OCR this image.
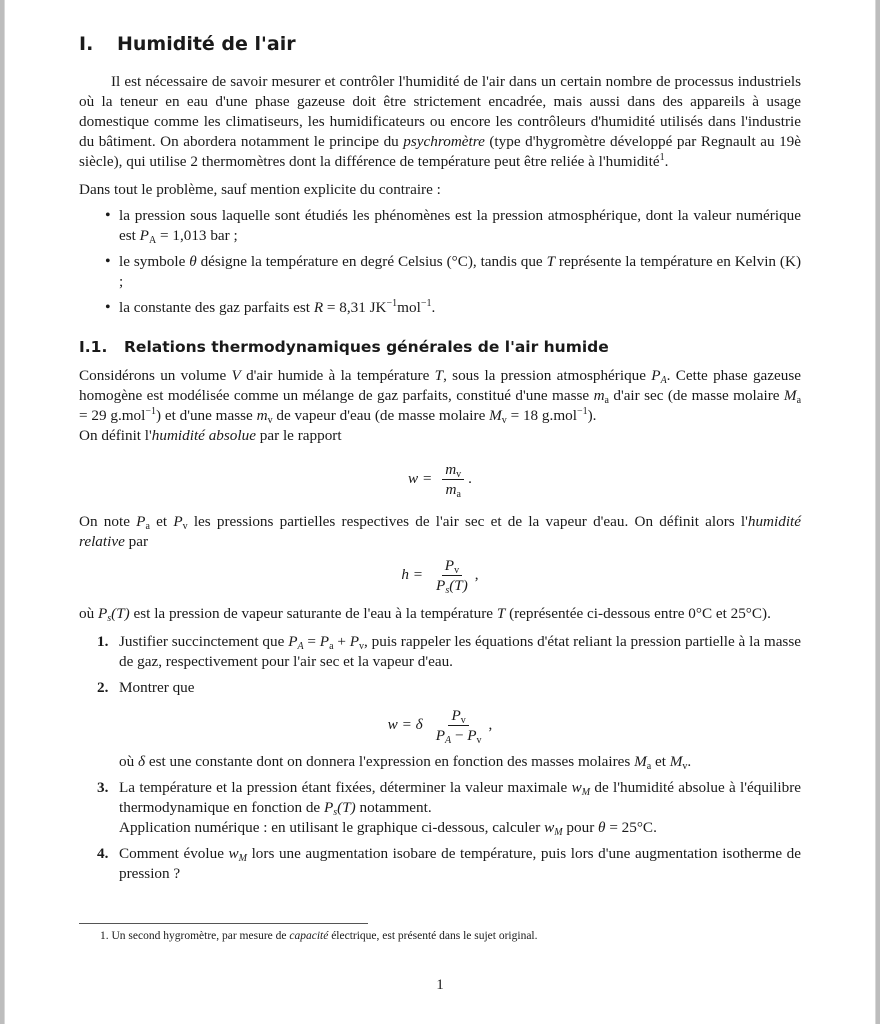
I. Humidité de l'air

Il est nécessaire de savoir mesurer et contrôler l'humidité de l'air dans un certain nombre de processus industriels où la teneur en eau d'une phase gazeuse doit être strictement encadrée, mais aussi dans des appareils à usage domestique comme les climatiseurs, les humidificateurs ou encore les contrôleurs d'humidité utilisés dans l'industrie du bâtiment. On abordera notamment le principe du psychromètre (type d'hygromètre développé par Regnault au 19è siècle), qui utilise 2 thermomètres dont la différence de température peut être reliée à l'humidité$^1$.

Dans tout le problème, sauf mention explicite du contraire :

• la pression sous laquelle sont étudiés les phénomènes est la pression atmosphérique, dont la valeur numérique est $P_A = 1,013$ bar ;
• le symbole θ désigne la température en degré Celsius (°C), tandis que T représente la température en Kelvin (K) ;
• la constante des gaz parfaits est R = 8,31 $JK^{-1}mol^{-1}$.
I.1. Relations thermodynamiques générales de l'air humide

Considérons un volume V d'air humide à la température T, sous la pression atmosphérique $P_A$. Cette phase gazeuse homogène est modélisée comme un mélange de gaz parfaits, constitué d'une masse $m_a$ d'air sec (de masse molaire $M_a = 29$ g.mol$^{-1}$) et d'une masse $m_v$ de vapeur d'eau (de masse molaire $M_v = 18$ g.mol$^{-1}$).

On définit l'humidité absolue par le rapport

$w = \frac{m_v}{m_a}$ .

On note $P_a$ et $P_v$ les pressions partielles respectives de l'air sec et de la vapeur d'eau. On définit alors l'humidité relative par

$h = \frac{P_v}{P_s(T)}$ ,

où $P_s(T)$ est la pression de vapeur saturante de l'eau à la température T (représentée ci-dessous entre 0°C et 25°C).

1. Justifier succinctement que $P_A = P_a + P_v$, puis rappeler les équations d'état reliant la pression partielle à la masse de gaz, respectivement pour l'air sec et la vapeur d'eau.
2. Montrer que
w = δ $\frac{P_v}{P_A - P_v}$ ,
où δ est une constante dont on donnera l'expression en fonction des masses molaires $M_a$ et $M_v$.
3. La température et la pression étant fixées, déterminer la valeur maximale $w_M$ de l'humidité absolue à l'équilibre thermodynamique en fonction de $P_s(T)$ notamment.
Application numérique : en utilisant le graphique ci-dessous, calculer $w_M$ pour θ = 25°C.
4. Comment évolue $w_M$ lors une augmentation isobare de température, puis lors d'une augmentation isotherme de pression ?
1. Un second hygromètre, par mesure de capacité électrique, est présenté dans le sujet original.
1
